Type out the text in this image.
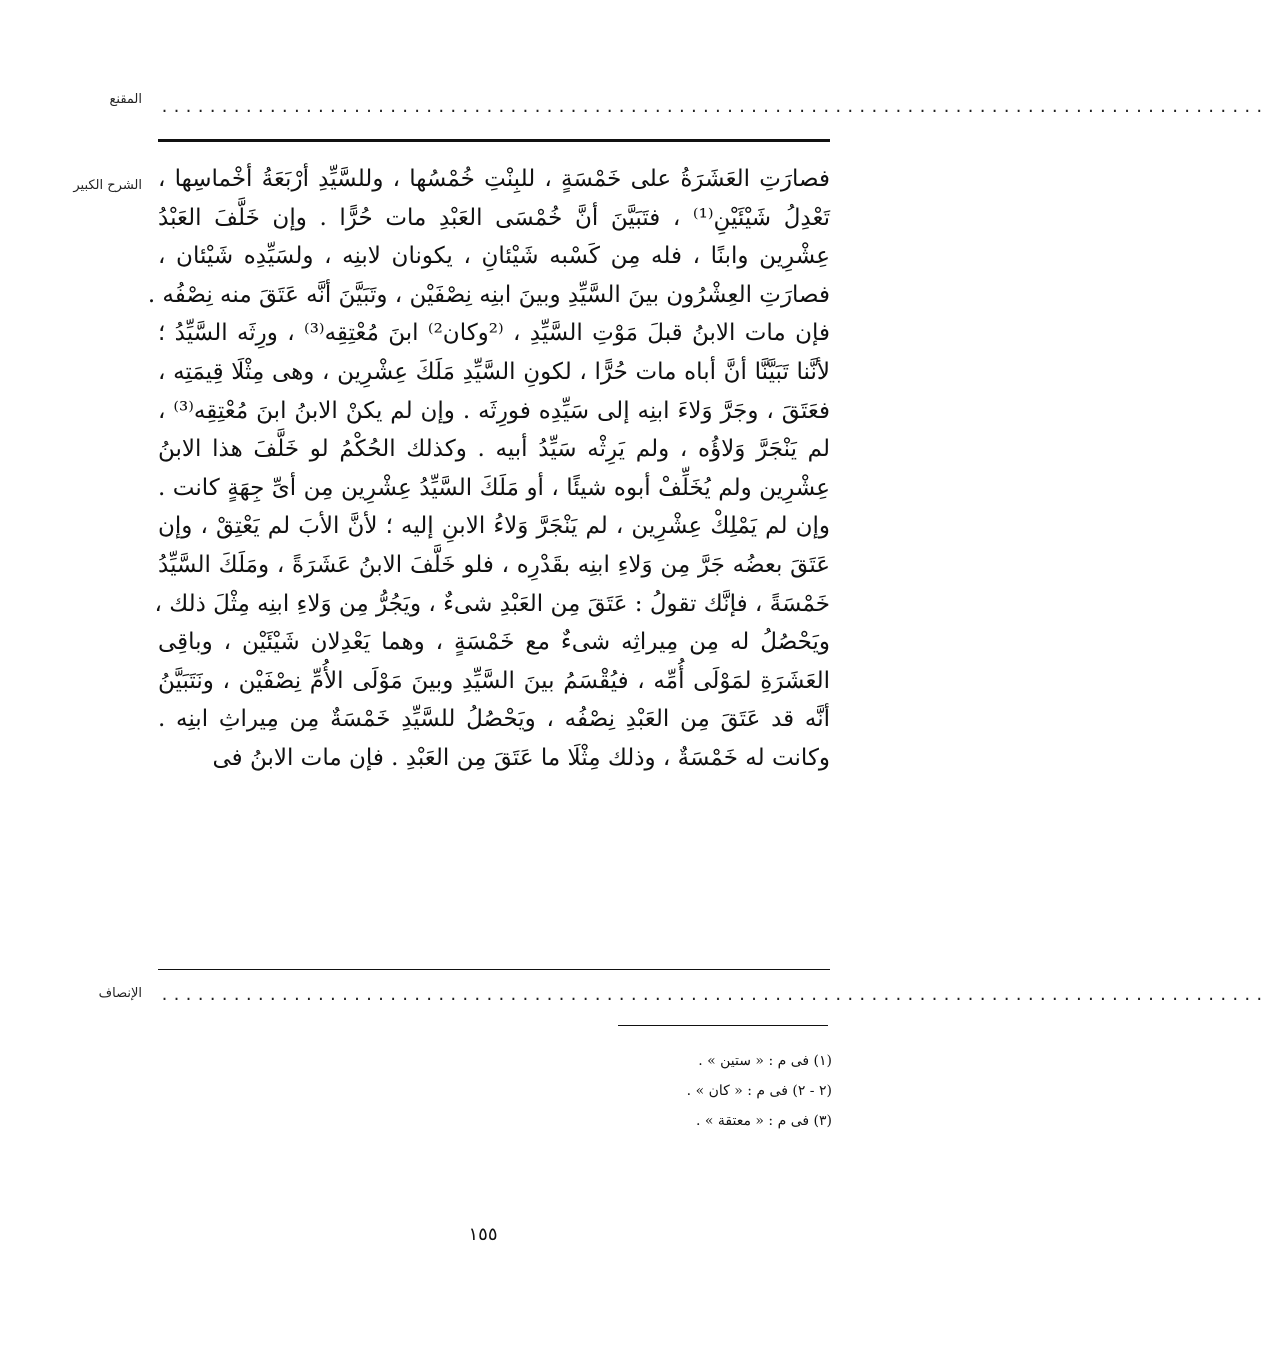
المقنع ............................................................................................
الشرح الكبير فصارَتِ العَشَرَةُ على خَمْسَةٍ ، للبِنْتِ خُمْسُها ، وللسَّيِّدِ أرْبَعَةُ أخْماسِها ،
تَعْدِلُ شَيْئَيْنِ⁽¹⁾ ، فتَبَيَّنَ أنَّ خُمْسَى العَبْدِ مات حُرًّا . وإن خَلَّفَ العَبْدُ
عِشْرِين وابنًا ، فله مِن كَسْبه شَيْئانِ ، يكونان لابنِه ، ولسَيِّدِه شَيْئان ،
فصارَتِ العِشْرُون بينَ السَّيِّدِ وبينَ ابنِه نِصْفَيْن ، وتَبَيَّنَ أنَّه عَتَقَ منه نِصْفُه .
فإن مات الابنُ قبلَ مَوْتِ السَّيِّدِ ، ⁽²وكان²⁾ ابنَ مُعْتِقِه⁽³⁾ ، ورِثَه السَّيِّدُ ؛
لأنَّنا تَبَيَّنَّا أنَّ أباه مات حُرًّا ، لكونِ السَّيِّدِ مَلَكَ عِشْرِين ، وهى مِثْلَا قِيمَتِه ،
فعَتَقَ ، وجَرَّ وَلاءَ ابنِه إلى سَيِّدِه فورِثَه . وإن لم يكنْ الابنُ ابنَ مُعْتِقِه⁽³⁾ ،
لم يَنْجَرَّ وَلاؤُه ، ولم يَرِثْه سَيِّدُ أبيه . وكذلك الحُكْمُ لو خَلَّفَ هذا الابنُ
عِشْرِين ولم يُخَلِّفْ أبوه شيئًا ، أو مَلَكَ السَّيِّدُ عِشْرِين مِن أىِّ جِهَةٍ كانت .
وإن لم يَمْلِكْ عِشْرِين ، لم يَنْجَرَّ وَلاءُ الابنِ إليه ؛ لأنَّ الأبَ لم يَعْتِقْ ، وإن
عَتَقَ بعضُه جَرَّ مِن وَلاءِ ابنِه بقَدْرِه ، فلو خَلَّفَ الابنُ عَشَرَةً ، ومَلَكَ السَّيِّدُ
خَمْسَةً ، فإنَّك تقولُ : عَتَقَ مِن العَبْدِ شىءٌ ، ويَجُرُّ مِن وَلاءِ ابنِه مِثْلَ ذلك ،
ويَحْصُلُ له مِن مِيراثِه شىءٌ مع خَمْسَةٍ ، وهما يَعْدِلان شَيْئَيْن ، وباقِى
العَشَرَةِ لمَوْلَى أُمِّه ، فيُقْسَمُ بينَ السَّيِّدِ وبينَ مَوْلَى الأُمِّ نِصْفَيْن ، ونَتَبَيَّنُ
أنَّه قد عَتَقَ مِن العَبْدِ نِصْفُه ، ويَحْصُلُ للسَّيِّدِ خَمْسَةٌ مِن مِيراثِ ابنِه .
وكانت له خَمْسَةٌ ، وذلك مِثْلَا ما عَتَقَ مِن العَبْدِ . فإن مات الابنُ فى
الإنصاف ............................................................................................
(١) فى م : « ستين » .
(٢ - ٢) فى م : « كان » .
(٣) فى م : « معتقة » .
١٥٥
